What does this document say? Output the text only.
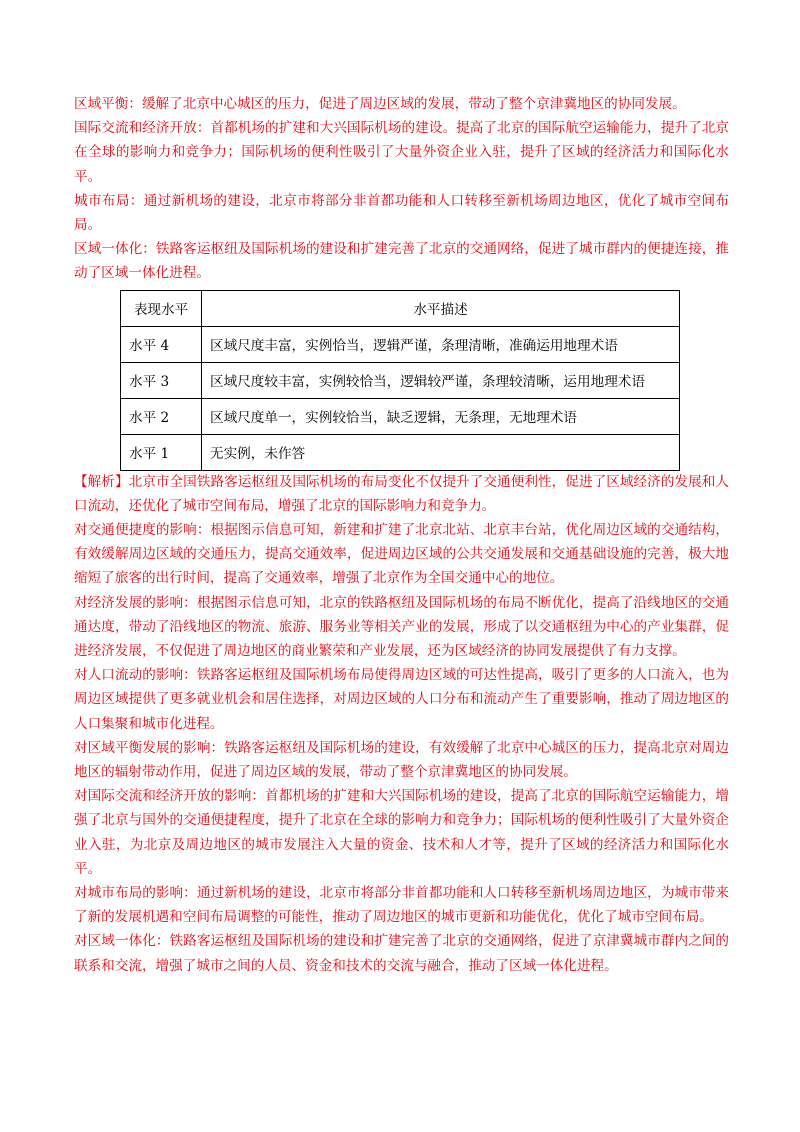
区域平衡：缓解了北京中心城区的压力，促进了周边区域的发展，带动了整个京津冀地区的协同发展。

国际交流和经济开放：首都机场的扩建和大兴国际机场的建设。提高了北京的国际航空运输能力，提升了北京在全球的影响力和竞争力；国际机场的便利性吸引了大量外资企业入驻，提升了区域的经济活力和国际化水平。

城市布局：通过新机场的建设，北京市将部分非首都功能和人口转移至新机场周边地区，优化了城市空间布局。

区域一体化：铁路客运枢纽及国际机场的建设和扩建完善了北京的交通网络，促进了城市群内的便捷连接，推动了区域一体化进程。

表现水平	水平描述
水平 4	区域尺度丰富，实例恰当，逻辑严谨，条理清晰，准确运用地理术语
水平 3	区域尺度较丰富，实例较恰当，逻辑较严谨，条理较清晰，运用地理术语
水平 2	区域尺度单一，实例较恰当，缺乏逻辑，无条理，无地理术语
水平 1	无实例，未作答

【解析】北京市全国铁路客运枢纽及国际机场的布局变化不仅提升了交通便利性，促进了区域经济的发展和人口流动，还优化了城市空间布局，增强了北京的国际影响力和竞争力。

对交通便捷度的影响：根据图示信息可知，新建和扩建了北京北站、北京丰台站，优化周边区域的交通结构，有效缓解周边区域的交通压力，提高交通效率，促进周边区域的公共交通发展和交通基础设施的完善，极大地缩短了旅客的出行时间，提高了交通效率，增强了北京作为全国交通中心的地位。

对经济发展的影响：根据图示信息可知，北京的铁路枢纽及国际机场的布局不断优化，提高了沿线地区的交通通达度，带动了沿线地区的物流、旅游、服务业等相关产业的发展，形成了以交通枢纽为中心的产业集群，促进经济发展，不仅促进了周边地区的商业繁荣和产业发展，还为区域经济的协同发展提供了有力支撑。

对人口流动的影响：铁路客运枢纽及国际机场布局使得周边区域的可达性提高，吸引了更多的人口流入，也为周边区域提供了更多就业机会和居住选择，对周边区域的人口分布和流动产生了重要影响，推动了周边地区的人口集聚和城市化进程。

对区域平衡发展的影响：铁路客运枢纽及国际机场的建设，有效缓解了北京中心城区的压力，提高北京对周边地区的辐射带动作用，促进了周边区域的发展，带动了整个京津冀地区的协同发展。

对国际交流和经济开放的影响：首都机场的扩建和大兴国际机场的建设，提高了北京的国际航空运输能力，增强了北京与国外的交通便捷程度，提升了北京在全球的影响力和竞争力；国际机场的便利性吸引了大量外资企业入驻，为北京及周边地区的城市发展注入大量的资金、技术和人才等，提升了区域的经济活力和国际化水平。

对城市布局的影响：通过新机场的建设，北京市将部分非首都功能和人口转移至新机场周边地区，为城市带来了新的发展机遇和空间布局调整的可能性，推动了周边地区的城市更新和功能优化，优化了城市空间布局。

对区域一体化：铁路客运枢纽及国际机场的建设和扩建完善了北京的交通网络，促进了京津冀城市群内之间的联系和交流，增强了城市之间的人员、资金和技术的交流与融合，推动了区域一体化进程。
